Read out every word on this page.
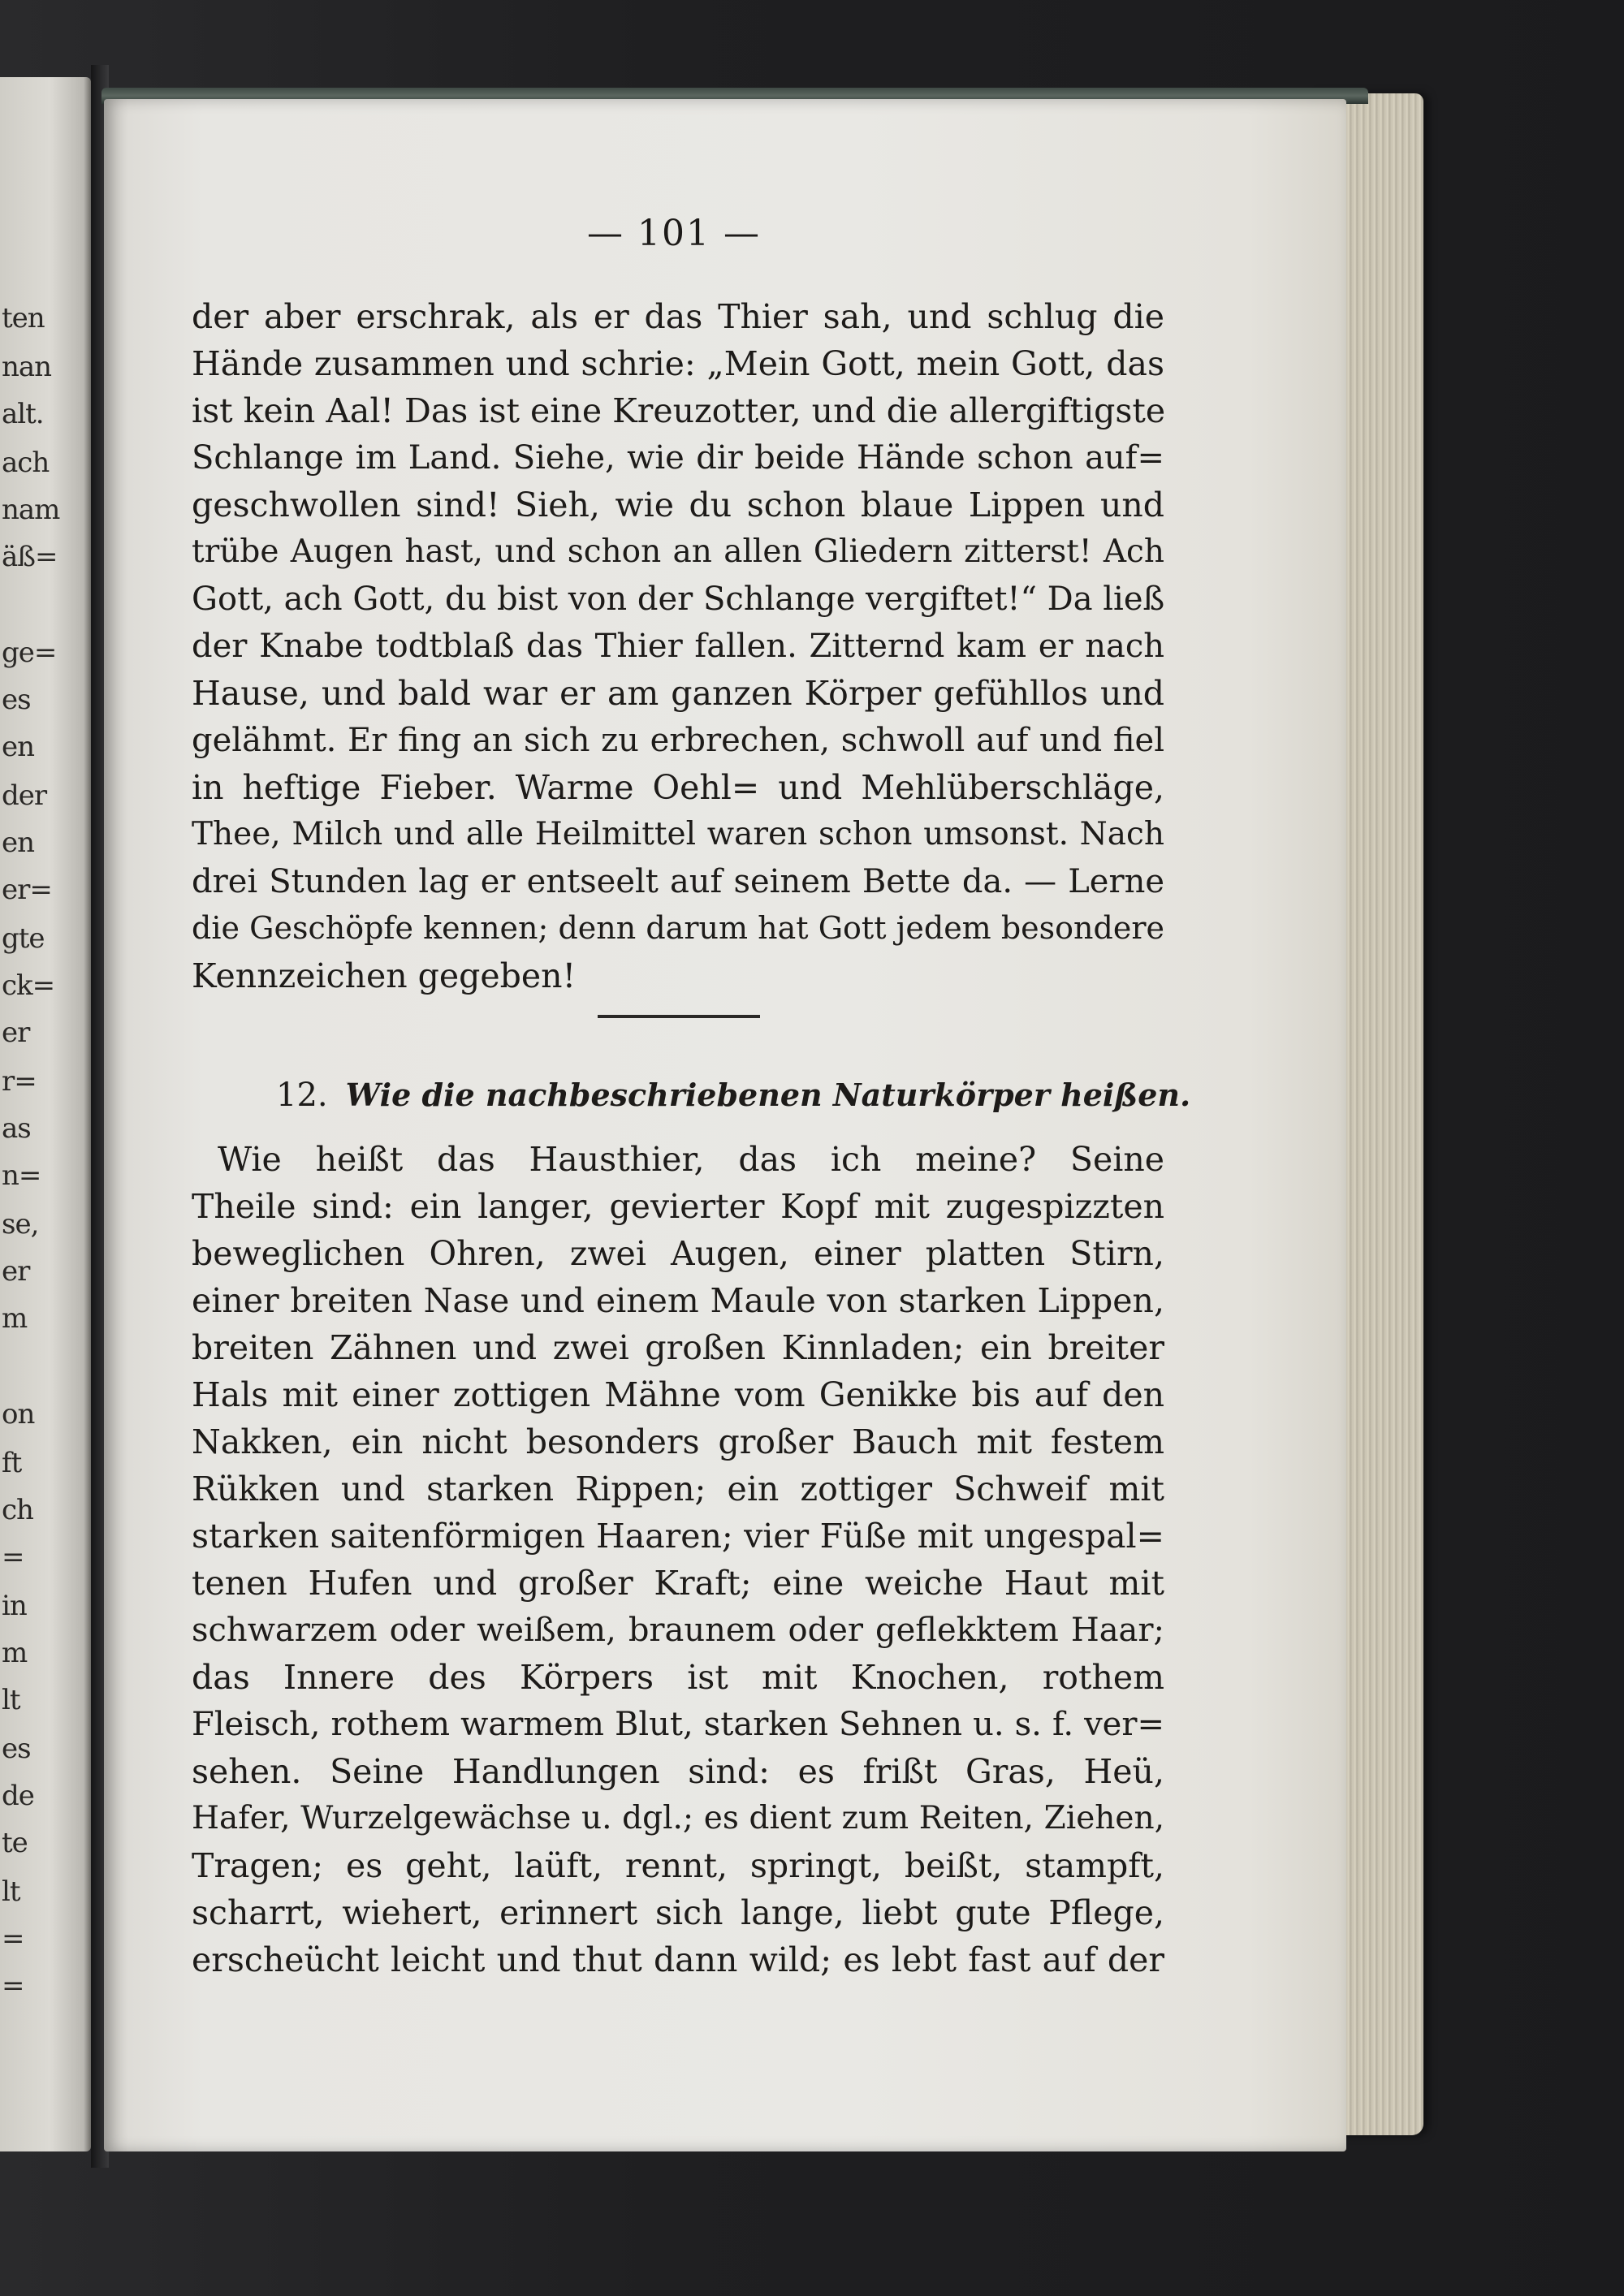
ten
nan
alt.
ach
nam
äß=
ge=
es
en
der
en
er=
gte
ck=
er
r=
as
n=
se,
er
m
on
ft
ch
=
in
m
lt
es
de
te
lt
=
=
— 101 —
der aber erschrak, als er das Thier sah, und schlug die
Hände zusammen und schrie: „Mein Gott, mein Gott, das
ist kein Aal! Das ist eine Kreuzotter, und die allergiftigste
Schlange im Land. Siehe, wie dir beide Hände schon auf=
geschwollen sind! Sieh, wie du schon blaue Lippen und
trübe Augen hast, und schon an allen Gliedern zitterst! Ach
Gott, ach Gott, du bist von der Schlange vergiftet!“ Da ließ
der Knabe todtblaß das Thier fallen. Zitternd kam er nach
Hause, und bald war er am ganzen Körper gefühllos und
gelähmt. Er fing an sich zu erbrechen, schwoll auf und fiel
in heftige Fieber. Warme Oehl= und Mehlüberschläge,
Thee, Milch und alle Heilmittel waren schon umsonst. Nach
drei Stunden lag er entseelt auf seinem Bette da. — Lerne
die Geschöpfe kennen; denn darum hat Gott jedem besondere
Kennzeichen gegeben!
12. Wie die nachbeschriebenen Naturkörper heißen.
Wie heißt das Hausthier, das ich meine? Seine
Theile sind: ein langer, gevierter Kopf mit zugespizzten
beweglichen Ohren, zwei Augen, einer platten Stirn,
einer breiten Nase und einem Maule von starken Lippen,
breiten Zähnen und zwei großen Kinnladen; ein breiter
Hals mit einer zottigen Mähne vom Genikke bis auf den
Nakken, ein nicht besonders großer Bauch mit festem
Rükken und starken Rippen; ein zottiger Schweif mit
starken saitenförmigen Haaren; vier Füße mit ungespal=
tenen Hufen und großer Kraft; eine weiche Haut mit
schwarzem oder weißem, braunem oder geflekktem Haar;
das Innere des Körpers ist mit Knochen, rothem
Fleisch, rothem warmem Blut, starken Sehnen u. s. f. ver=
sehen. Seine Handlungen sind: es frißt Gras, Heü,
Hafer, Wurzelgewächse u. dgl.; es dient zum Reiten, Ziehen,
Tragen; es geht, laüft, rennt, springt, beißt, stampft,
scharrt, wiehert, erinnert sich lange, liebt gute Pflege,
erscheücht leicht und thut dann wild; es lebt fast auf der
